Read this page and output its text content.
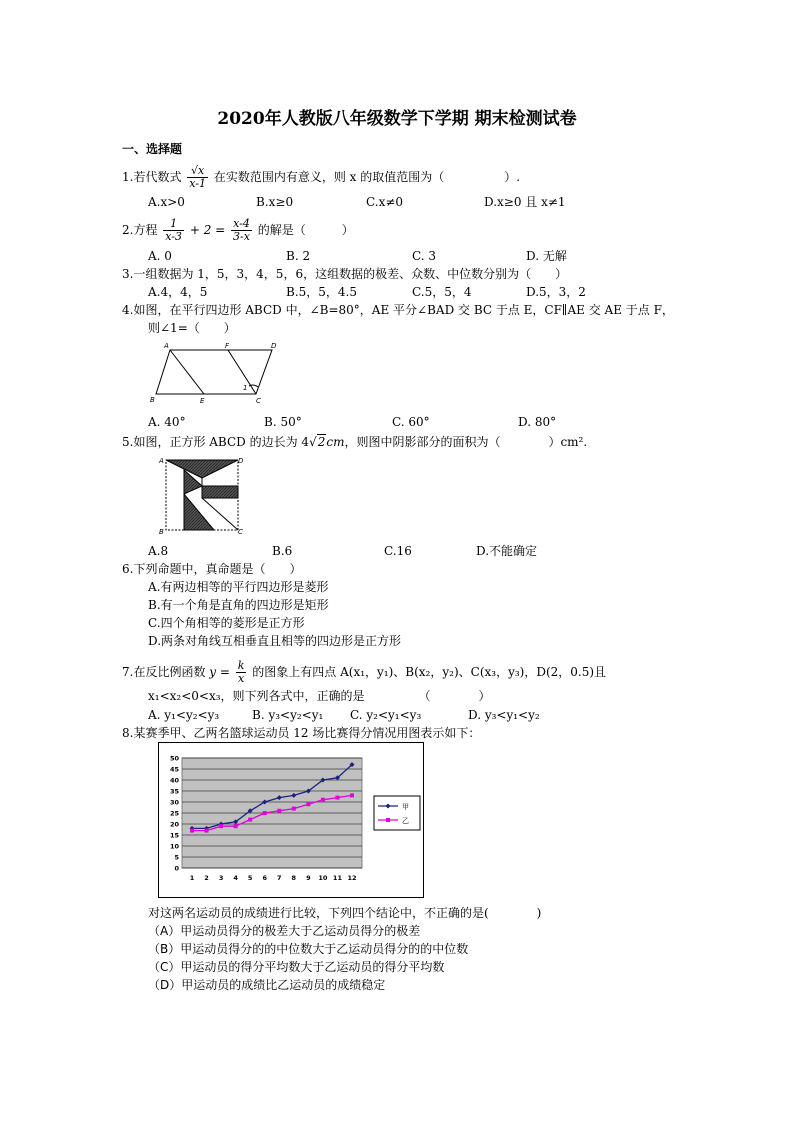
2020年人教版八年级数学下学期 期末检测试卷
一、选择题
1.若代数式 $\frac{√x}{x-1}$ 在实数范围内有意义，则 x 的取值范围为（　　　　　）.
A.x>0	B.x≥0	C.x≠0	D.x≥0 且 x≠1
2.方程 $\frac{1}{x-3} + 2 = \frac{x-4}{3-x}$ 的解是（　　　）
A. 0	B. 2	C. 3	D. 无解
3.一组数据为 1，5，3，4，5，6，这组数据的极差、众数、中位数分别为（　　）
A.4，4，5	B.5，5，4.5	C.5，5，4	D.5，3，2
4.如图，在平行四边形 ABCD 中，∠B=80°，AE 平分∠BAD 交 BC 于点 E，CF∥AE 交 AE 于点 F，
则∠1=（　　）
A	F	D
B	E	C
1
A. 40°	B. 50°	C. 60°	D. 80°
5.如图，正方形 ABCD 的边长为 4√2cm，则图中阴影部分的面积为（　　　　）cm².
A	D
B	C
A.8	B.6	C.16	D.不能确定
6.下列命题中，真命题是（　　）
A.有两边相等的平行四边形是菱形
B.有一个角是直角的四边形是矩形
C.四个角相等的菱形是正方形
D.两条对角线互相垂直且相等的四边形是正方形
7.在反比例函数 $y = \frac{k}{x}$ 的图象上有四点 A(x₁，y₁)、B(x₂，y₂)、C(x₃，y₃)，D(2，0.5)且
x₁<x₂<0<x₃，则下列各式中，正确的是　　　　　（　　　　）
A. y₁<y₂<y₃	B. y₃<y₂<y₁ C. y₂<y₁<y₃	D. y₃<y₁<y₂
8.某赛季甲、乙两名篮球运动员 12 场比赛得分情况用图表示如下：
0
5
10
15
20
25
30
35
40
45
50
1 2 3 4 5 6 7 8 9 10 11 12
甲
乙
对这两名运动员的成绩进行比较，下列四个结论中，不正确的是(　　　　)
（A）甲运动员得分的极差大于乙运动员得分的极差
（B）甲运动员得分的的中位数大于乙运动员得分的的中位数
（C）甲运动员的得分平均数大于乙运动员的得分平均数
（D）甲运动员的成绩比乙运动员的成绩稳定
